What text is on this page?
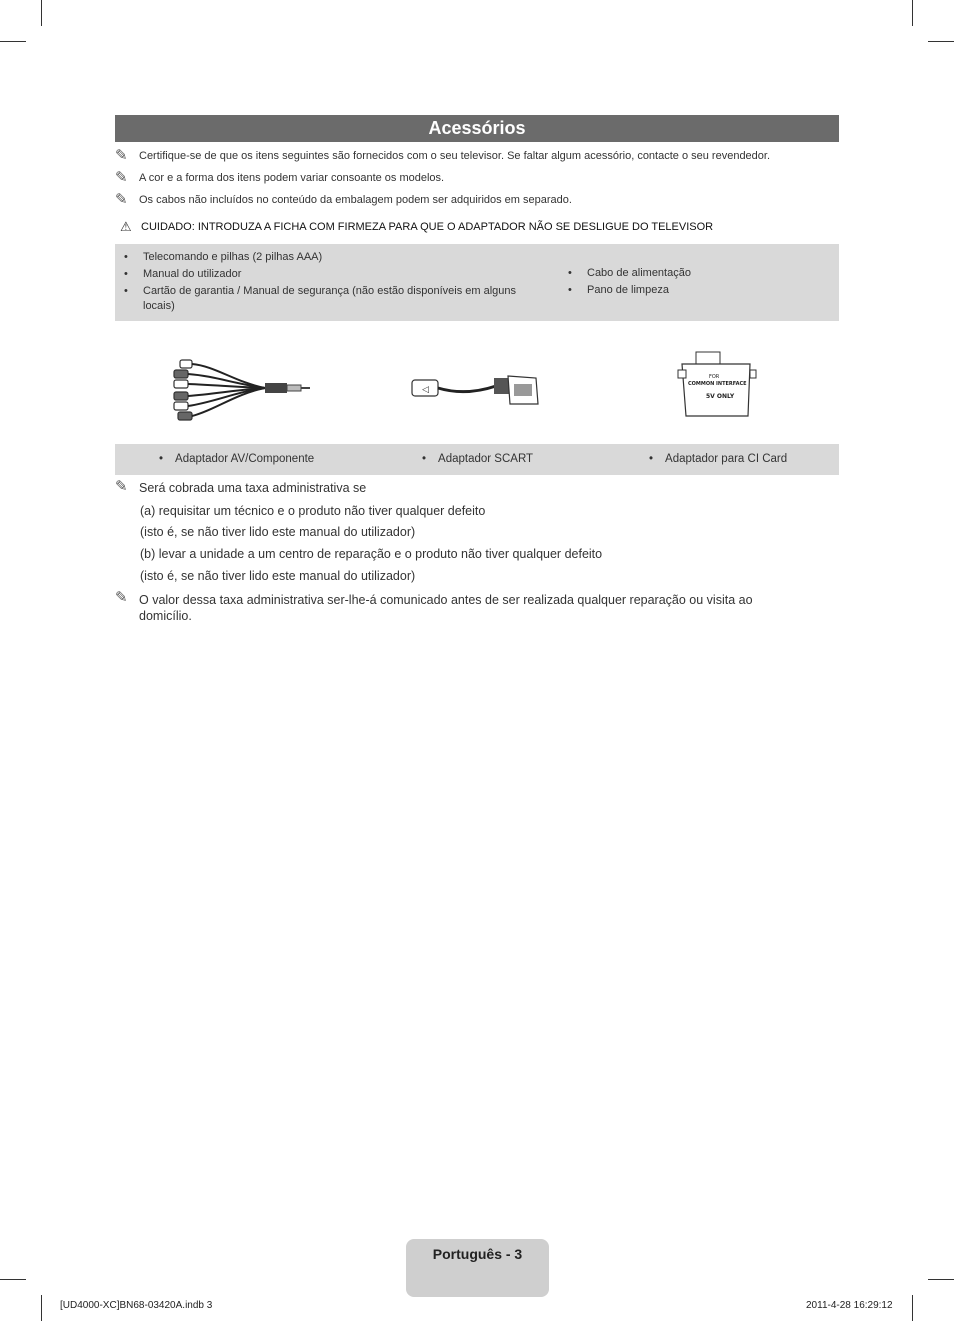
Acessórios
✎	Certifique-se de que os itens seguintes são fornecidos com o seu televisor. Se faltar algum acessório, contacte o seu revendedor.
✎	A cor e a forma dos itens podem variar consoante os modelos.
✎	Os cabos não incluídos no conteúdo da embalagem podem ser adquiridos em separado.
⚠ CUIDADO: INTRODUZA A FICHA COM FIRMEZA PARA QUE O ADAPTADOR NÃO SE DESLIGUE DO TELEVISOR
•	Telecomando e pilhas (2 pilhas AAA)
•	Manual do utilizador
•	Cartão de garantia / Manual de segurança (não estão disponíveis em alguns locais)
•	Cabo de alimentação
•	Pano de limpeza
◁
FOR
COMMON INTERFACE
5V ONLY
• Adaptador AV/Componente	• Adaptador SCART	• Adaptador para CI Card
✎ Será cobrada uma taxa administrativa se
(a) requisitar um técnico e o produto não tiver qualquer defeito
(isto é, se não tiver lido este manual do utilizador)
(b) levar a unidade a um centro de reparação e o produto não tiver qualquer defeito
(isto é, se não tiver lido este manual do utilizador)
✎ O valor dessa taxa administrativa ser-lhe-á comunicado antes de ser realizada qualquer reparação ou visita ao domicílio.
Português - 3
[UD4000-XC]BN68-03420A.indb 3	2011-4-28 16:29:12
